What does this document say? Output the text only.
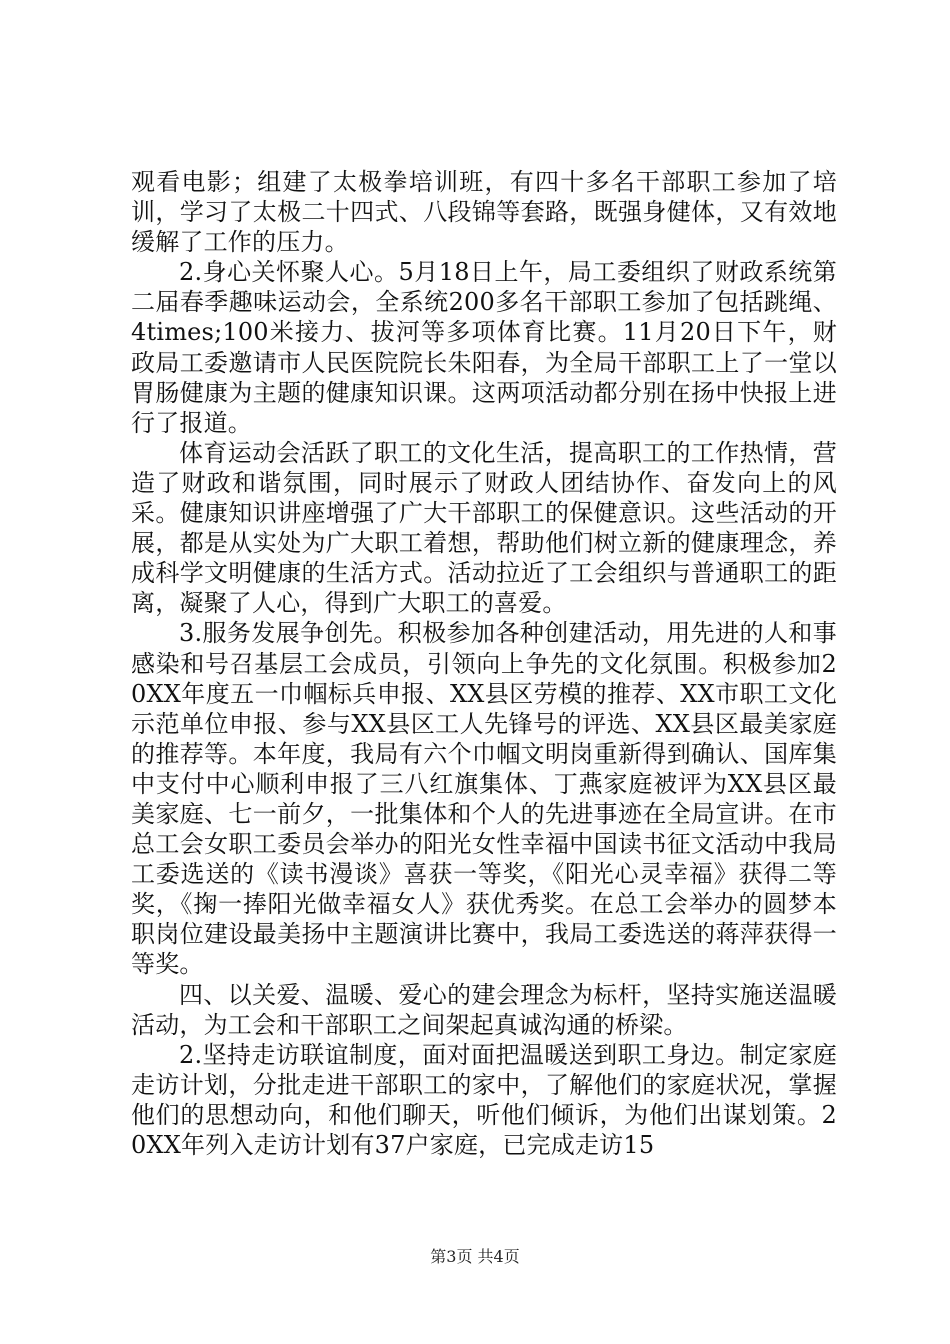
观看电影；组建了太极拳培训班，有四十多名干部职工参加了培训，学习了太极二十四式、八段锦等套路，既强身健体，又有效地缓解了工作的压力。

2.身心关怀聚人心。5月18日上午，局工委组织了财政系统第二届春季趣味运动会，全系统200多名干部职工参加了包括跳绳、4times;100米接力、拔河等多项体育比赛。11月20日下午，财政局工委邀请市人民医院院长朱阳春，为全局干部职工上了一堂以胃肠健康为主题的健康知识课。这两项活动都分别在扬中快报上进行了报道。

体育运动会活跃了职工的文化生活，提高职工的工作热情，营造了财政和谐氛围，同时展示了财政人团结协作、奋发向上的风采。健康知识讲座增强了广大干部职工的保健意识。这些活动的开展，都是从实处为广大职工着想，帮助他们树立新的健康理念，养成科学文明健康的生活方式。活动拉近了工会组织与普通职工的距离，凝聚了人心，得到广大职工的喜爱。

3.服务发展争创先。积极参加各种创建活动，用先进的人和事感染和号召基层工会成员，引领向上争先的文化氛围。积极参加20XX年度五一巾帼标兵申报、XX县区劳模的推荐、XX市职工文化示范单位申报、参与XX县区工人先锋号的评选、XX县区最美家庭的推荐等。本年度，我局有六个巾帼文明岗重新得到确认、国库集中支付中心顺利申报了三八红旗集体、丁燕家庭被评为XX县区最美家庭、七一前夕，一批集体和个人的先进事迹在全局宣讲。在市总工会女职工委员会举办的阳光女性幸福中国读书征文活动中我局工委选送的《读书漫谈》喜获一等奖，《阳光心灵幸福》获得二等奖，《掬一捧阳光做幸福女人》获优秀奖。在总工会举办的圆梦本职岗位建设最美扬中主题演讲比赛中，我局工委选送的蒋萍获得一等奖。

四、以关爱、温暖、爱心的建会理念为标杆，坚持实施送温暖活动，为工会和干部职工之间架起真诚沟通的桥梁。

2.坚持走访联谊制度，面对面把温暖送到职工身边。制定家庭走访计划，分批走进干部职工的家中，了解他们的家庭状况，掌握他们的思想动向，和他们聊天，听他们倾诉，为他们出谋划策。20XX年列入走访计划有37户家庭，已完成走访15

第3页 共4页
